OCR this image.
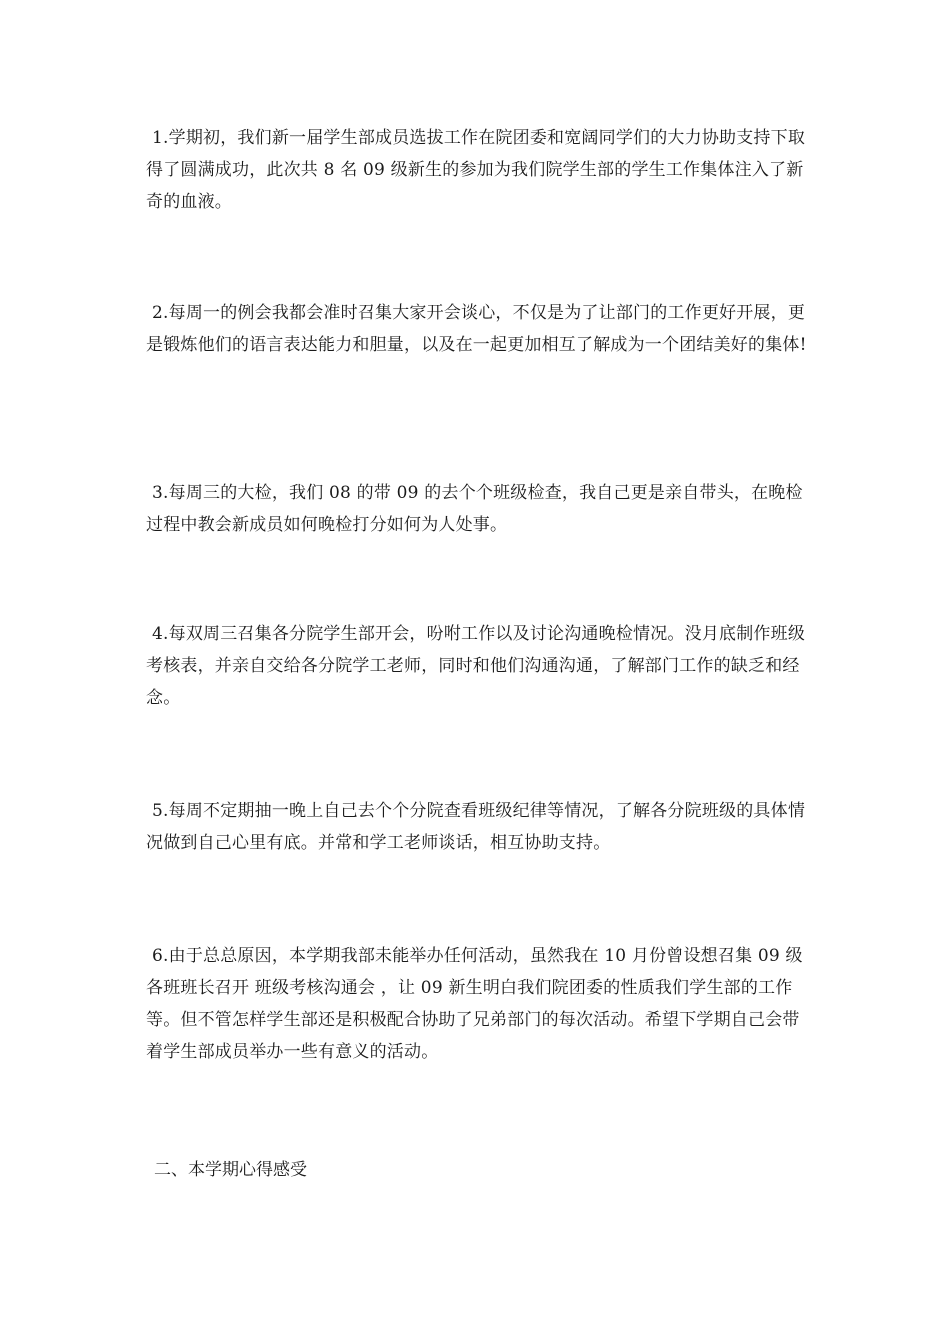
1.学期初，我们新一届学生部成员选拔工作在院团委和宽阔同学们的大力协助支持下取得了圆满成功，此次共 8 名 09 级新生的参加为我们院学生部的学生工作集体注入了新奇的血液。

2.每周一的例会我都会准时召集大家开会谈心，不仅是为了让部门的工作更好开展，更是锻炼他们的语言表达能力和胆量，以及在一起更加相互了解成为一个团结美好的集体!

3.每周三的大检，我们 08 的带 09 的去个个班级检查，我自己更是亲自带头，在晚检过程中教会新成员如何晚检打分如何为人处事。

4.每双周三召集各分院学生部开会，吩咐工作以及讨论沟通晚检情况。没月底制作班级考核表，并亲自交给各分院学工老师，同时和他们沟通沟通，了解部门工作的缺乏和经念。

5.每周不定期抽一晚上自己去个个分院查看班级纪律等情况，了解各分院班级的具体情况做到自己心里有底。并常和学工老师谈话，相互协助支持。

6.由于总总原因，本学期我部未能举办任何活动，虽然我在 10 月份曾设想召集 09 级各班班长召开 班级考核沟通会 ，让 09 新生明白我们院团委的性质我们学生部的工作等。但不管怎样学生部还是积极配合协助了兄弟部门的每次活动。希望下学期自己会带着学生部成员举办一些有意义的活动。

二、本学期心得感受
